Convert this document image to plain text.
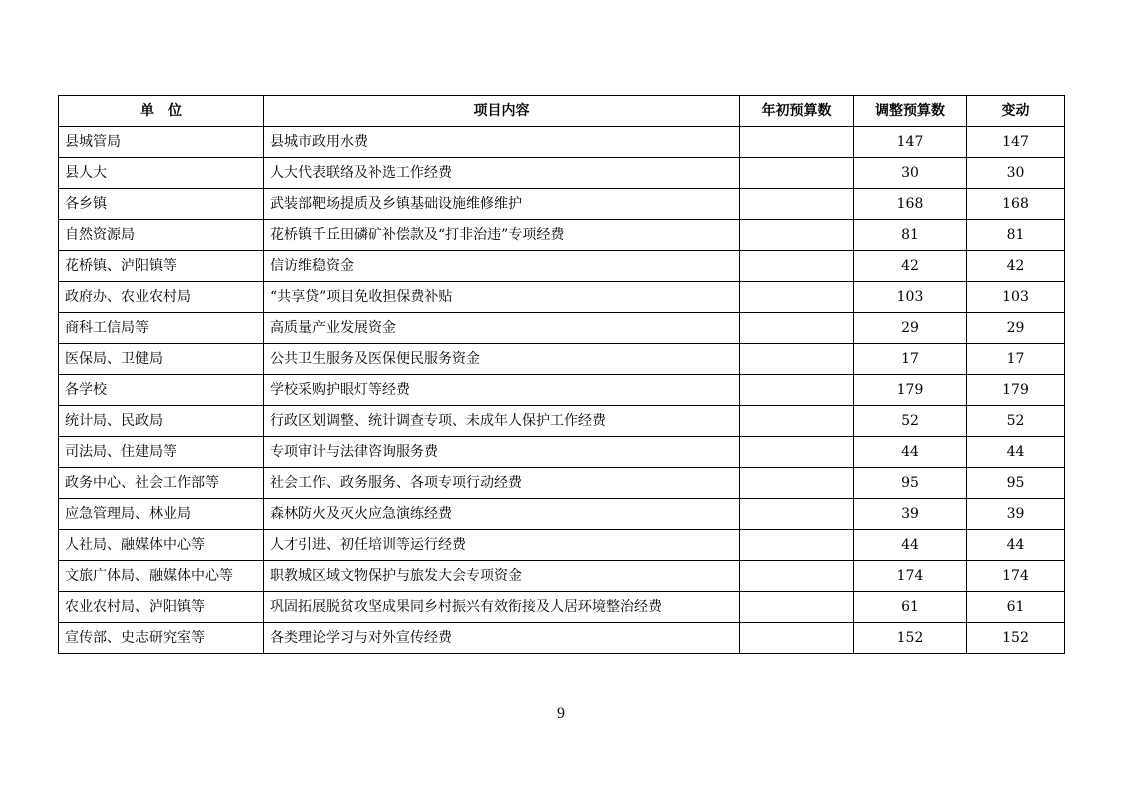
单　位	项目内容	年初预算数	调整预算数	变动
县城管局	县城市政用水费		147	147
县人大	人大代表联络及补选工作经费		30	30
各乡镇	武装部靶场提质及乡镇基础设施维修维护		168	168
自然资源局	花桥镇千丘田磷矿补偿款及“打非治违”专项经费		81	81
花桥镇、泸阳镇等	信访维稳资金		42	42
政府办、农业农村局	“共享贷”项目免收担保费补贴		103	103
商科工信局等	高质量产业发展资金		29	29
医保局、卫健局	公共卫生服务及医保便民服务资金		17	17
各学校	学校采购护眼灯等经费		179	179
统计局、民政局	行政区划调整、统计调查专项、未成年人保护工作经费		52	52
司法局、住建局等	专项审计与法律咨询服务费		44	44
政务中心、社会工作部等	社会工作、政务服务、各项专项行动经费		95	95
应急管理局、林业局	森林防火及灭火应急演练经费		39	39
人社局、融媒体中心等	人才引进、初任培训等运行经费		44	44
文旅广体局、融媒体中心等	职教城区域文物保护与旅发大会专项资金		174	174
农业农村局、泸阳镇等	巩固拓展脱贫攻坚成果同乡村振兴有效衔接及人居环境整治经费		61	61
宣传部、史志研究室等	各类理论学习与对外宣传经费		152	152
9
